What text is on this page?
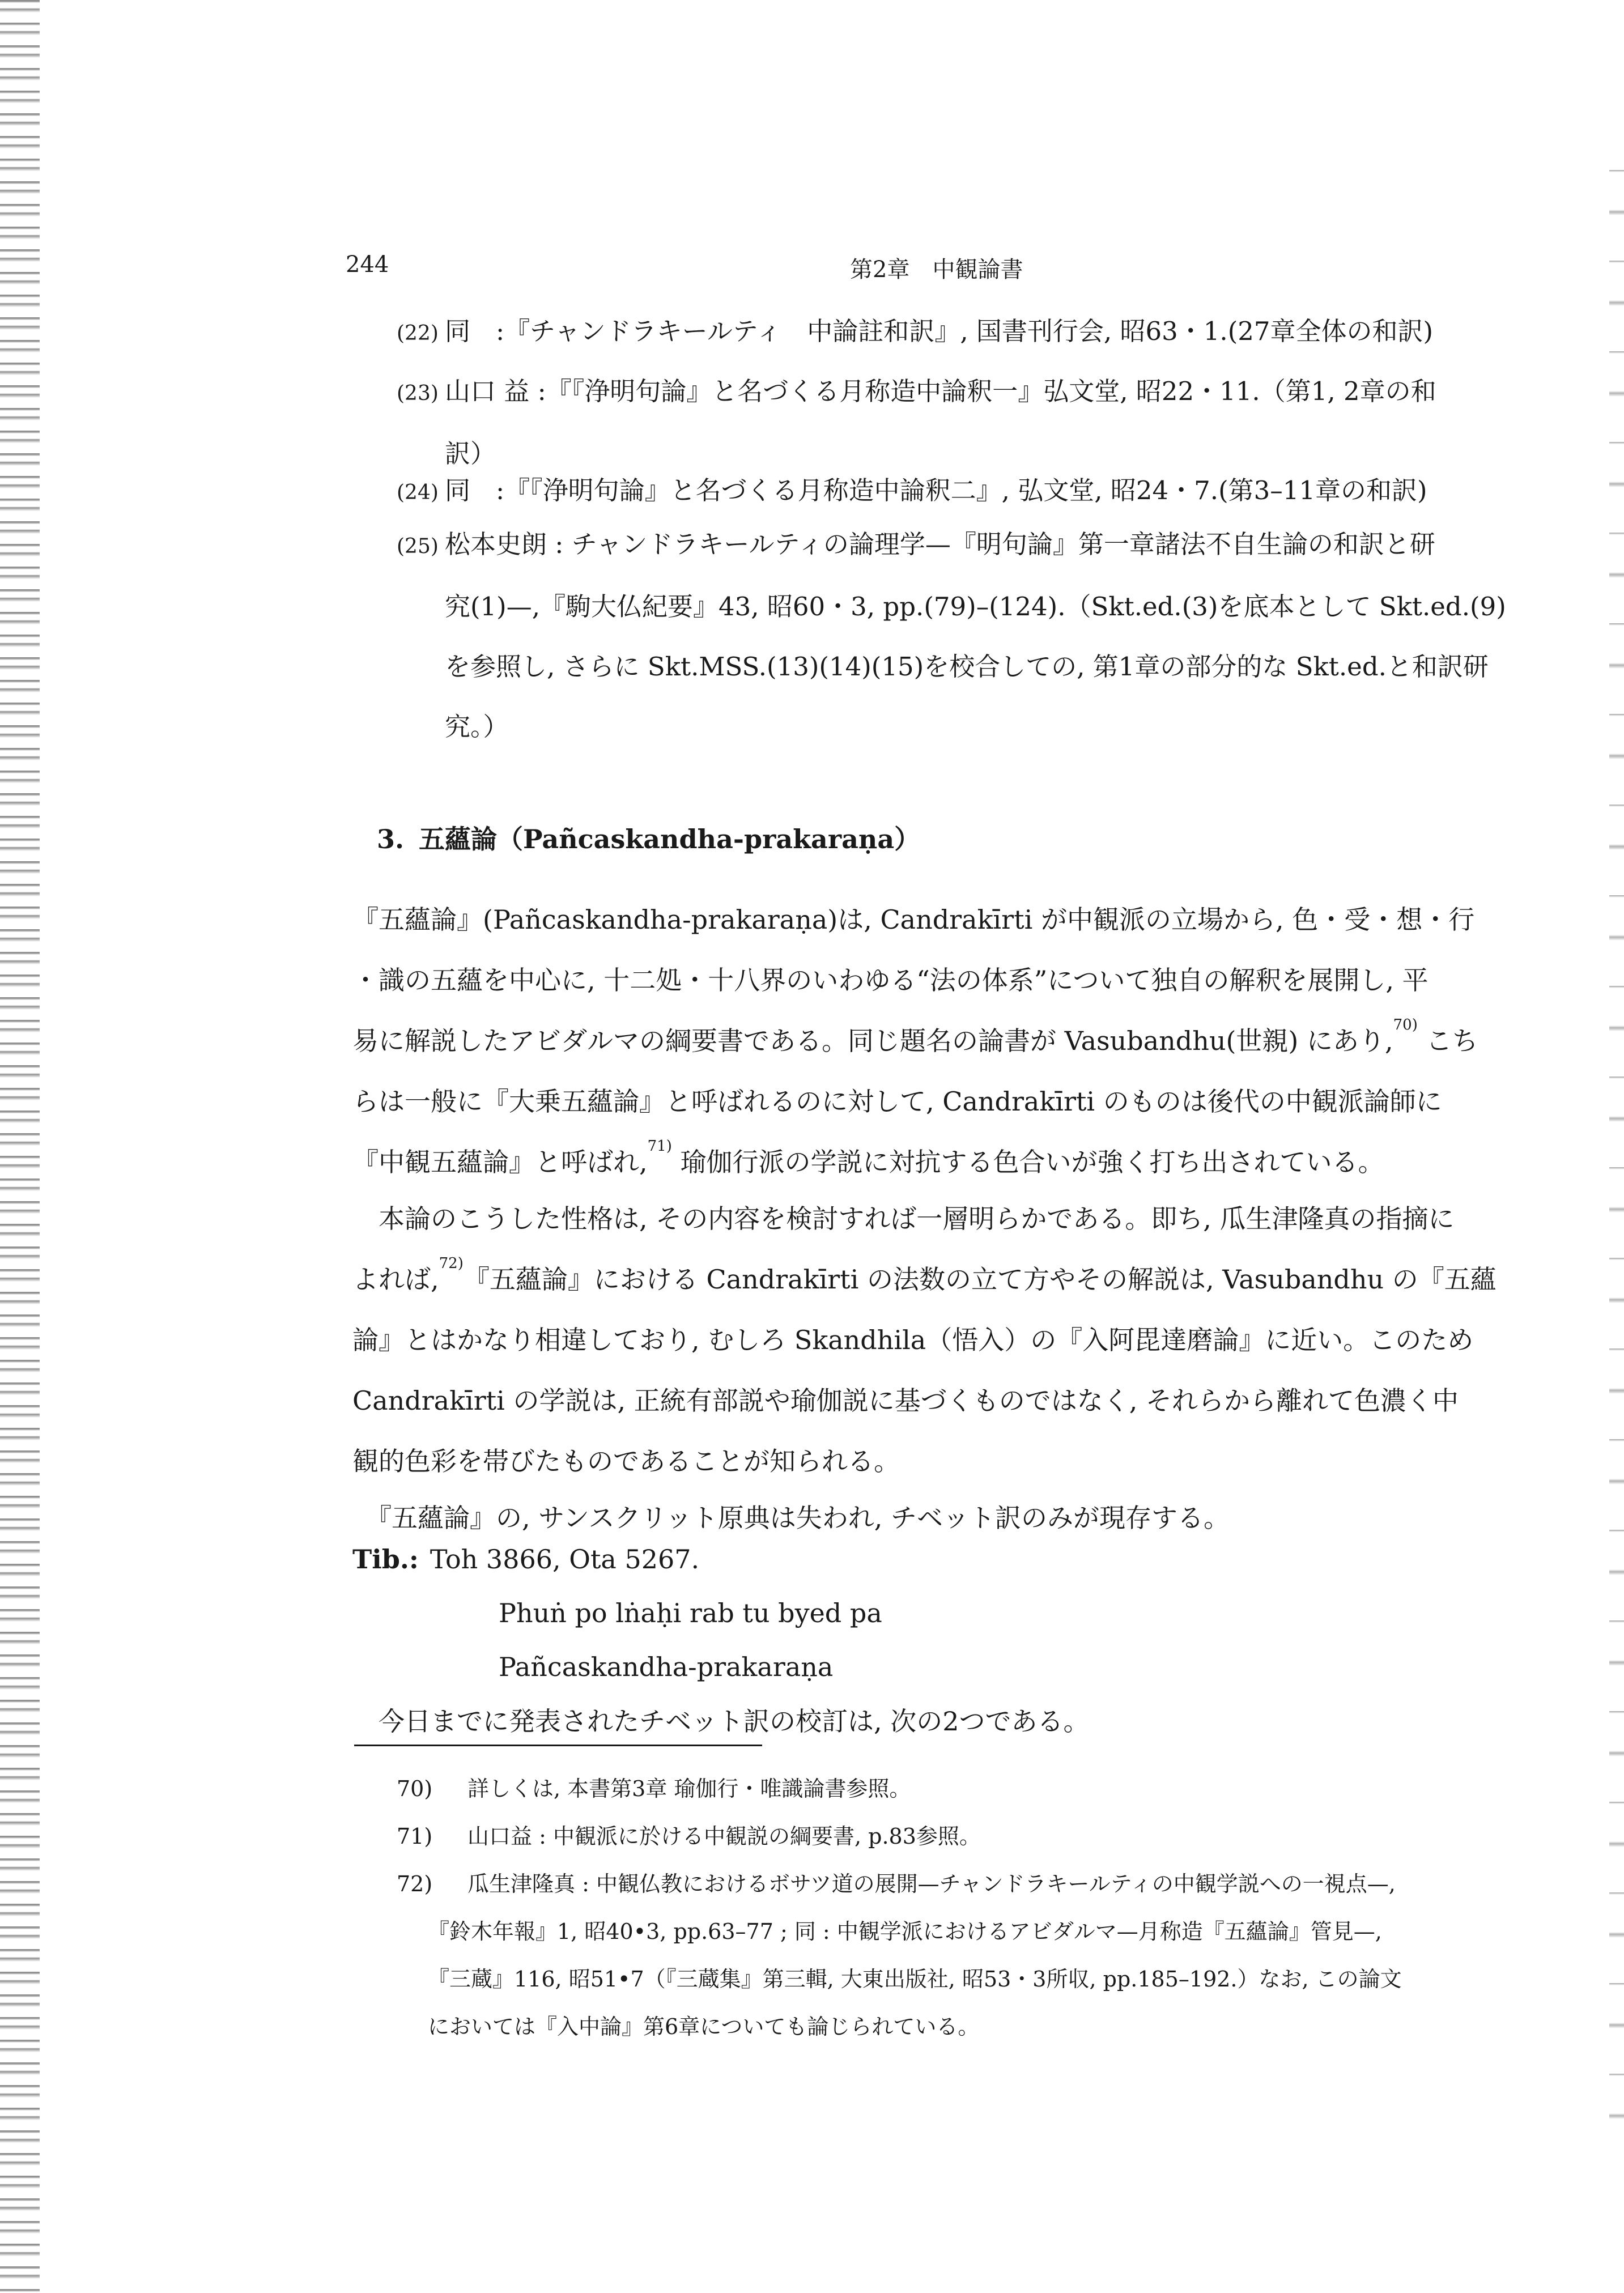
244	第2章　中観論書
(22) 同　:『チャンドラキールティ　中論註和訳』, 国書刊行会, 昭63・1.(27章全体の和訳)
(23) 山口 益 :『『浄明句論』と名づくる月称造中論釈一』弘文堂, 昭22・11.（第1, 2章の和
訳）
(24) 同　:『『浄明句論』と名づくる月称造中論釈二』, 弘文堂, 昭24・7.(第3–11章の和訳)
(25) 松本史朗 : チャンドラキールティの論理学—『明句論』第一章諸法不自生論の和訳と研
究(1)—,『駒大仏紀要』43, 昭60・3, pp.(79)–(124).（Skt.ed.(3)を底本として Skt.ed.(9)
を参照し, さらに Skt.MSS.(13)(14)(15)を校合しての, 第1章の部分的な Skt.ed.と和訳研
究。）
3. 五蘊論（Pañcaskandha-prakaraṇa）
『五蘊論』(Pañcaskandha-prakaraṇa)は, Candrakīrti が中観派の立場から, 色・受・想・行
・識の五蘊を中心に, 十二処・十八界のいわゆる“法の体系”について独自の解釈を展開し, 平
易に解説したアビダルマの綱要書である。同じ題名の論書が Vasubandhu(世親) にあり,$^{70)}$ こち
らは一般に『大乗五蘊論』と呼ばれるのに対して, Candrakīrti のものは後代の中観派論師に
『中観五蘊論』と呼ばれ,$^{71)}$ 瑜伽行派の学説に対抗する色合いが強く打ち出されている。
　本論のこうした性格は, その内容を検討すれば一層明らかである。即ち, 瓜生津隆真の指摘に
よれば,$^{72)}$『五蘊論』における Candrakīrti の法数の立て方やその解説は, Vasubandhu の『五蘊
論』とはかなり相違しており, むしろ Skandhila（悟入）の『入阿毘達磨論』に近い。このため
Candrakīrti の学説は, 正統有部説や瑜伽説に基づくものではなく, それらから離れて色濃く中
観的色彩を帯びたものであることが知られる。
　『五蘊論』の, サンスクリット原典は失われ, チベット訳のみが現存する。
Tib.: Toh 3866, Ota 5267.
Phuṅ po lṅaḥi rab tu byed pa
Pañcaskandha-prakaraṇa
　今日までに発表されたチベット訳の校訂は, 次の2つである。
70) 詳しくは, 本書第3章 瑜伽行・唯識論書参照。
71) 山口益 : 中観派に於ける中観説の綱要書, p.83参照。
72) 瓜生津隆真 : 中観仏教におけるボサツ道の展開—チャンドラキールティの中観学説への一視点—,
『鈴木年報』1, 昭40•3, pp.63–77 ; 同 : 中観学派におけるアビダルマ—月称造『五蘊論』管見—,
『三蔵』116, 昭51•7（『三蔵集』第三輯, 大東出版社, 昭53・3所収, pp.185–192.）なお, この論文
においては『入中論』第6章についても論じられている。
